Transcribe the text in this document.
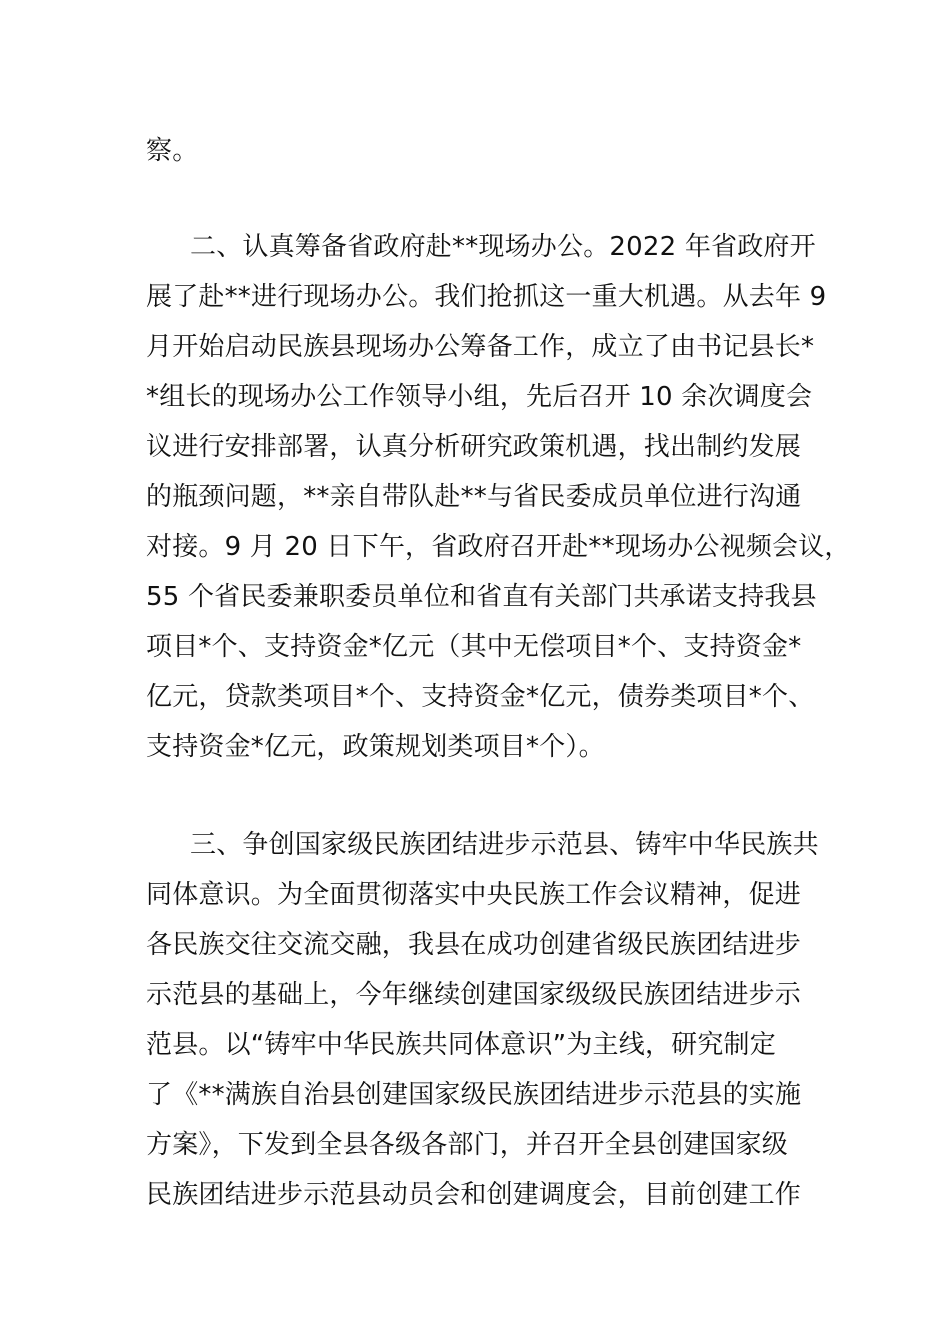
察。
二、认真筹备省政府赴**现场办公。2022 年省政府开
展了赴**进行现场办公。我们抢抓这一重大机遇。从去年 9
月开始启动民族县现场办公筹备工作，成立了由书记县长*
*组长的现场办公工作领导小组，先后召开 10 余次调度会
议进行安排部署，认真分析研究政策机遇，找出制约发展
的瓶颈问题，**亲自带队赴**与省民委成员单位进行沟通
对接。9 月 20 日下午，省政府召开赴**现场办公视频会议，
55 个省民委兼职委员单位和省直有关部门共承诺支持我县
项目*个、支持资金*亿元（其中无偿项目*个、支持资金*
亿元，贷款类项目*个、支持资金*亿元，债券类项目*个、
支持资金*亿元，政策规划类项目*个）。
三、争创国家级民族团结进步示范县、铸牢中华民族共
同体意识。为全面贯彻落实中央民族工作会议精神，促进
各民族交往交流交融，我县在成功创建省级民族团结进步
示范县的基础上，今年继续创建国家级级民族团结进步示
范县。以“铸牢中华民族共同体意识”为主线，研究制定
了《**满族自治县创建国家级民族团结进步示范县的实施
方案》，下发到全县各级各部门，并召开全县创建国家级
民族团结进步示范县动员会和创建调度会，目前创建工作
